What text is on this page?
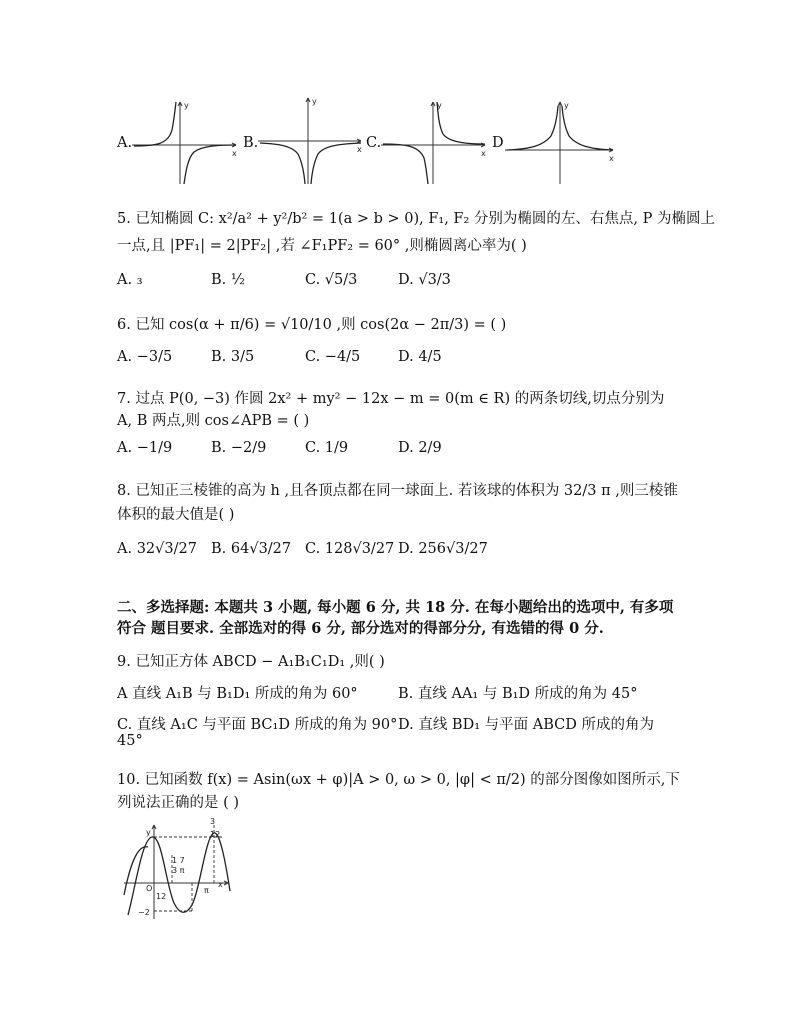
A.
y
x
B.
y
x C.
y
x
D
y
x
5. 已知椭圆 C: x²/a² + y²/b² = 1(a > b > 0), F₁, F₂ 分别为椭圆的左、右焦点, P 为椭圆上
一点,且 |PF₁| = 2|PF₂| ,若 ∠F₁PF₂ = 60° ,则椭圆离心率为( )
A. ₃	B. ½	C. √5/3	D. √3/3
6. 已知 cos(α + π/6) = √10/10 ,则 cos(2α − 2π/3) = ( )
A. −3/5	B. 3/5	C. −4/5	D. 4/5
7. 过点 P(0, −3) 作圆 2x² + my² − 12x − m = 0(m ∈ R) 的两条切线,切点分别为
A, B 两点,则 cos∠APB = ( )
A. −1/9	B. −2/9	C. 1/9	D. 2/9
8. 已知正三棱锥的高为 h ,且各顶点都在同一球面上. 若该球的体积为 32/3 π ,则三棱锥
体积的最大值是( )
A. 32√3/27 B. 64√3/27 C. 128√3/27 D. 256√3/27
二、多选择题: 本题共 3 小题, 每小题 6 分, 共 18 分. 在每小题给出的选项中, 有多项
符合 题目要求. 全部选对的得 6 分, 部分选对的得部分分, 有选错的得 0 分.
9. 已知正方体 ABCD − A₁B₁C₁D₁ ,则( )
A 直线 A₁B 与 B₁D₁ 所成的角为 60°	B. 直线 AA₁ 与 B₁D 所成的角为 45°
C. 直线 A₁C 与平面 BC₁D 所成的角为 90° D. 直线 BD₁ 与平面 ABCD 所成的角为
45°
10. 已知函数 f(x) = Asin(ωx + φ)|A > 0, ω > 0, |φ| < π/2) 的部分图像如图所示,下
列说法正确的是 ( )
y
x
O
3
12
−2
1 7
3 π
12
π
